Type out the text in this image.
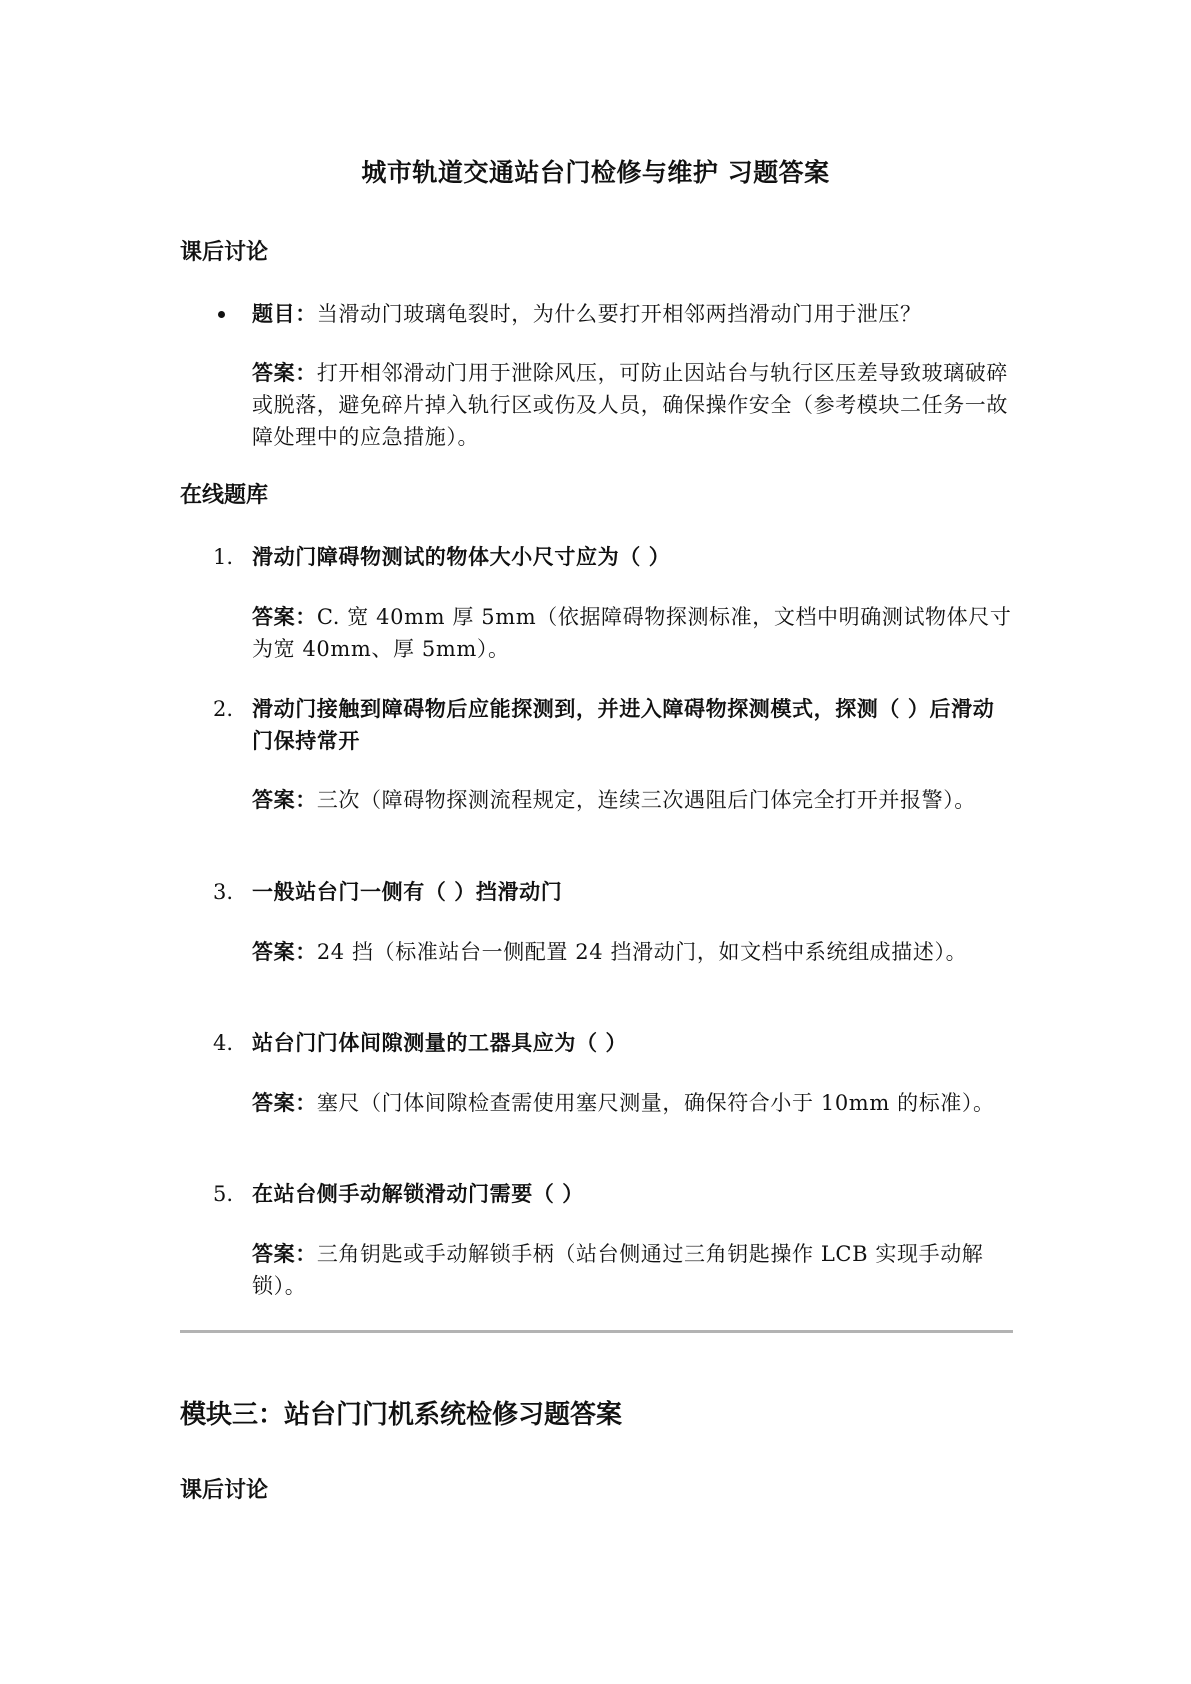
城市轨道交通站台门检修与维护 习题答案
课后讨论
题目：当滑动门玻璃龟裂时，为什么要打开相邻两挡滑动门用于泄压？
答案：打开相邻滑动门用于泄除风压，可防止因站台与轨行区压差导致玻璃破碎或脱落，避免碎片掉入轨行区或伤及人员，确保操作安全（参考模块二任务一故障处理中的应急措施）。
在线题库
1. 滑动门障碍物测试的物体大小尺寸应为（ ）
答案：C. 宽 40mm 厚 5mm（依据障碍物探测标准，文档中明确测试物体尺寸为宽 40mm、厚 5mm）。
2. 滑动门接触到障碍物后应能探测到，并进入障碍物探测模式，探测（ ）后滑动门保持常开
答案：三次（障碍物探测流程规定，连续三次遇阻后门体完全打开并报警）。
3. 一般站台门一侧有（ ）挡滑动门
答案：24 挡（标准站台一侧配置 24 挡滑动门，如文档中系统组成描述）。
4. 站台门门体间隙测量的工器具应为（ ）
答案：塞尺（门体间隙检查需使用塞尺测量，确保符合小于 10mm 的标准）。
5. 在站台侧手动解锁滑动门需要（ ）
答案：三角钥匙或手动解锁手柄（站台侧通过三角钥匙操作 LCB 实现手动解锁）。
模块三：站台门门机系统检修习题答案
课后讨论
